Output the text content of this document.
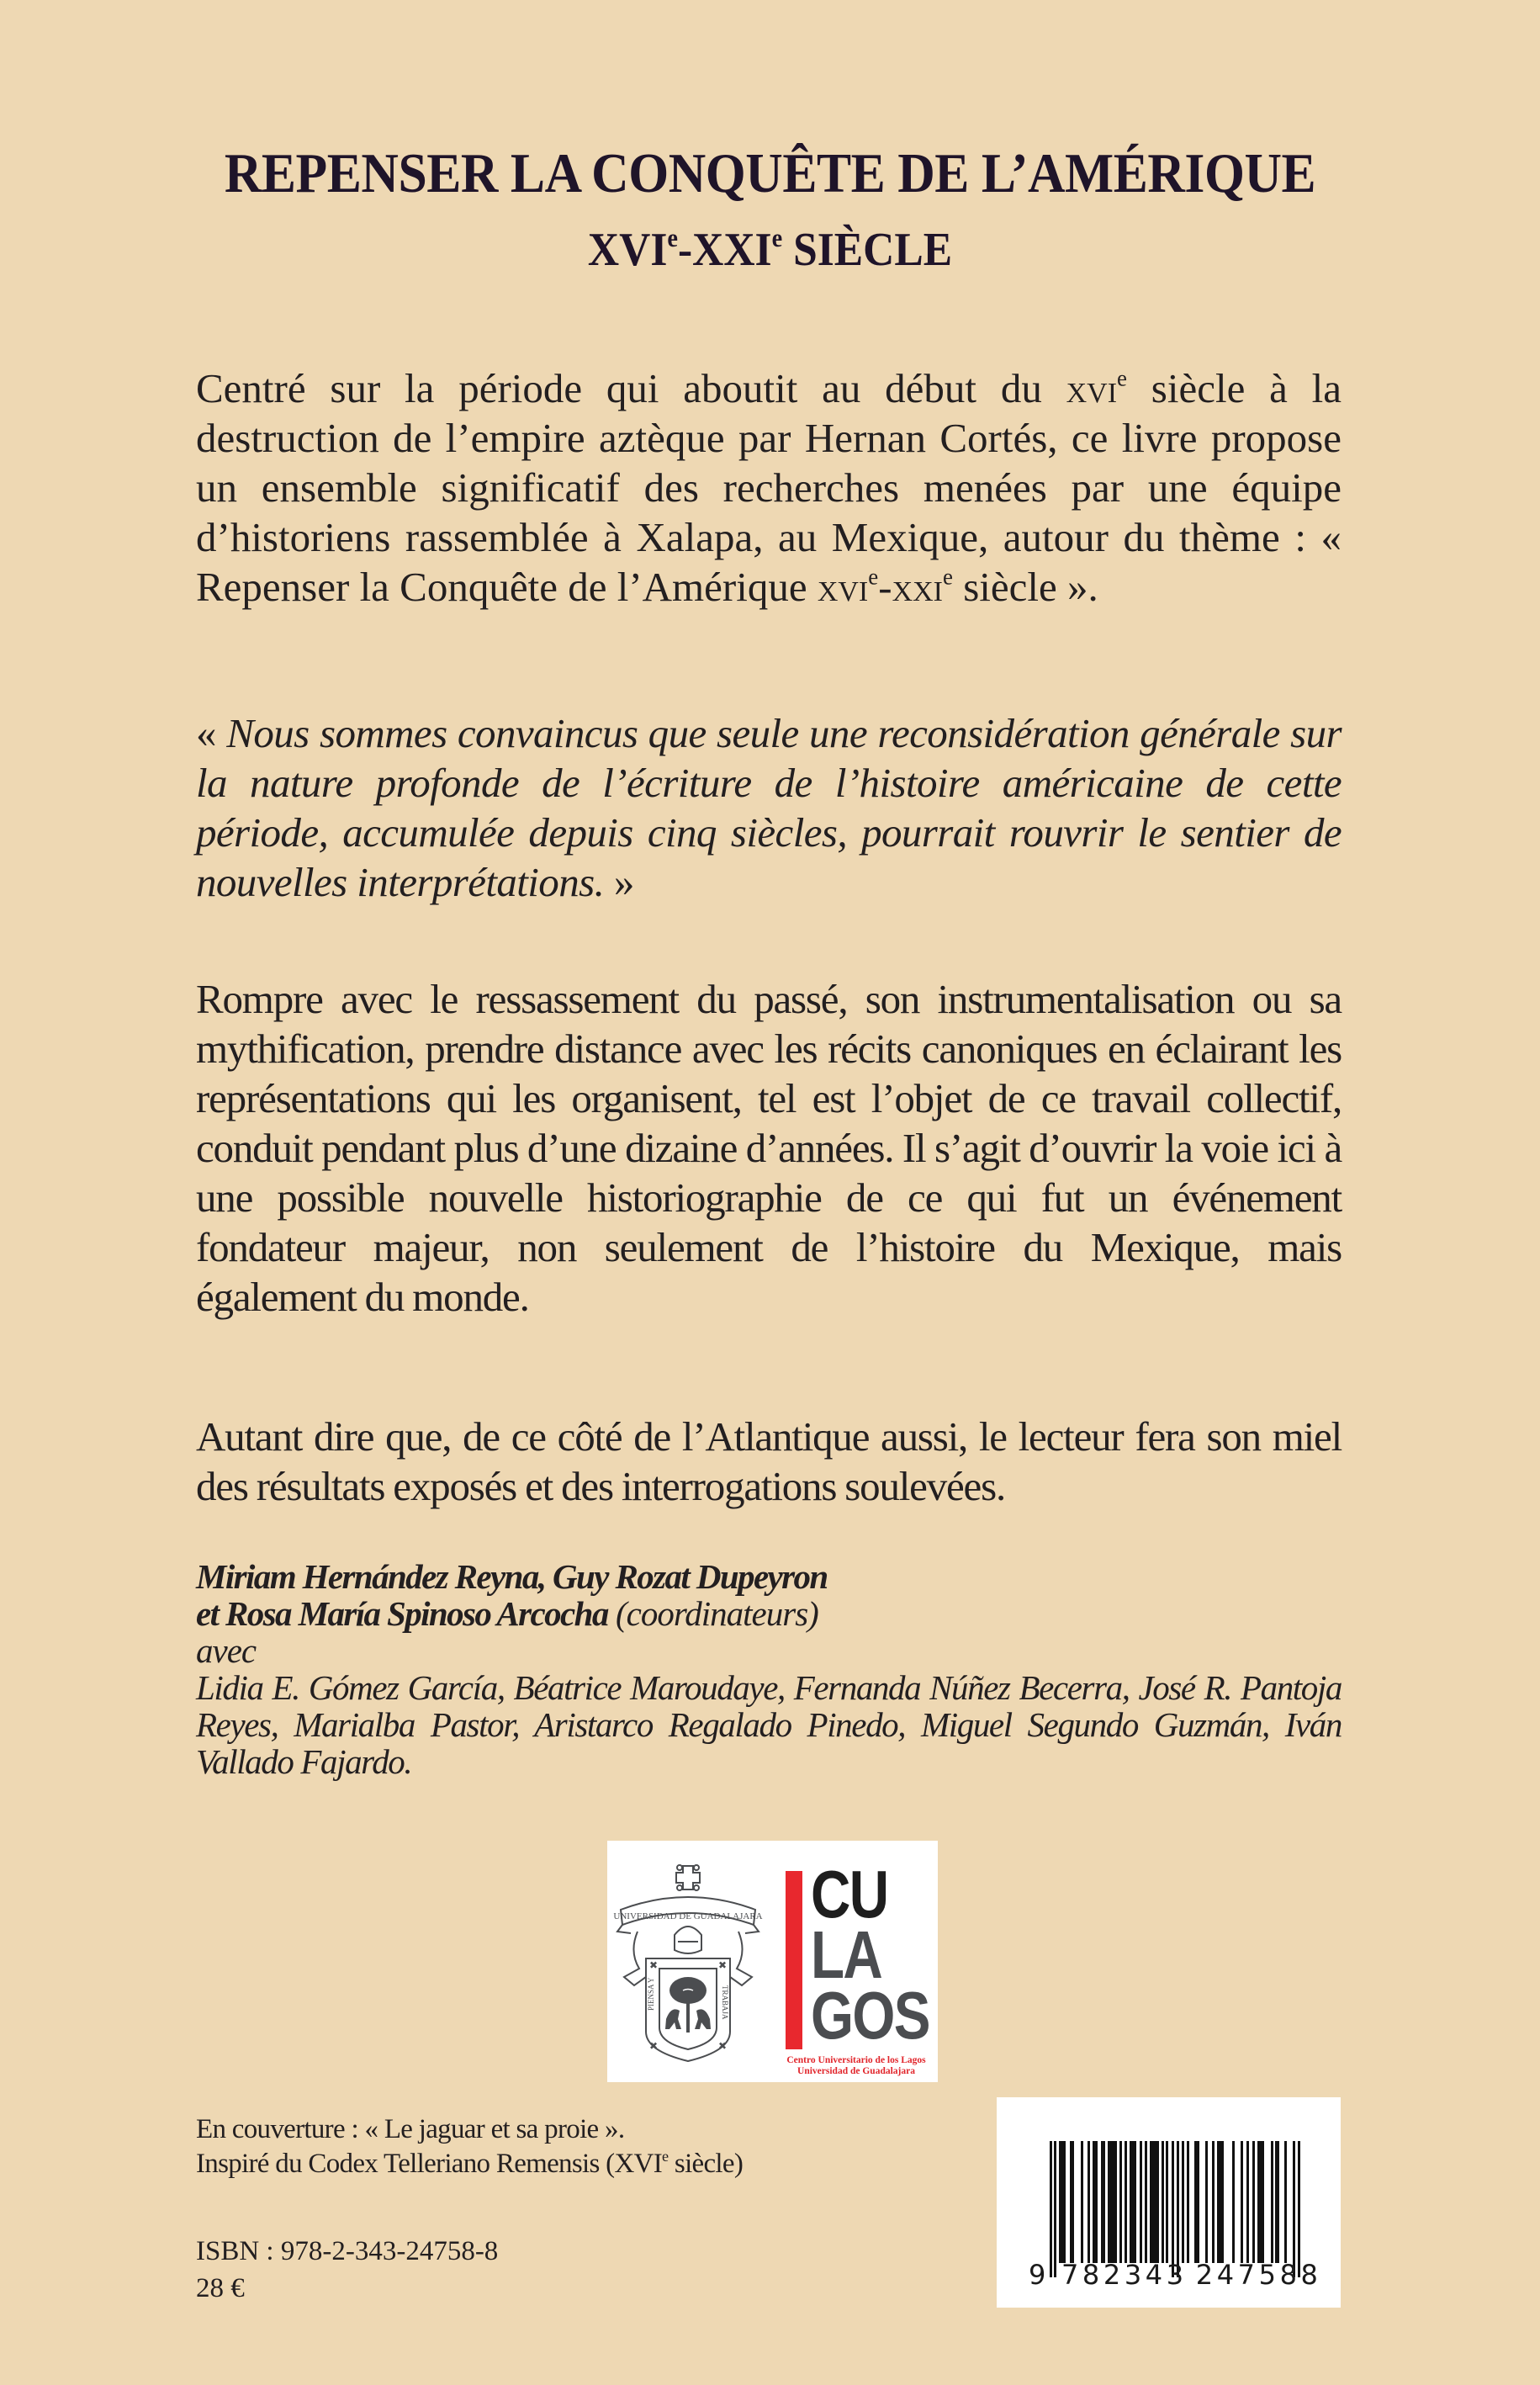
REPENSER LA CONQUÊTE DE L’AMÉRIQUE
XVIe-XXIe SIÈCLE

Centré sur la période qui aboutit au début du xvi$^e$ siècle à la destruction de l’empire aztèque par Hernan Cortés, ce livre propose un ensemble significatif des recherches menées par une équipe d’historiens rassemblée à Xalapa, au Mexique, autour du thème : « Repenser la Conquête de l’Amérique xvi$^e$-xxi$^e$ siècle ».

« Nous sommes convaincus que seule une reconsidération générale sur la nature profonde de l’écriture de l’histoire américaine de cette période, accumulée depuis cinq siècles, pourrait rouvrir le sentier de nouvelles interprétations. »

Rompre avec le ressassement du passé, son instrumentalisation ou sa mythification, prendre distance avec les récits canoniques en éclairant les représentations qui les organisent, tel est l’objet de ce travail collectif, conduit pendant plus d’une dizaine d’années. Il s’agit d’ouvrir la voie ici à une possible nouvelle historiographie de ce qui fut un événement fondateur majeur, non seulement de l’histoire du Mexique, mais également du monde.

Autant dire que, de ce côté de l’Atlantique aussi, le lecteur fera son miel des résultats exposés et des interrogations soulevées.

Miriam Hernández Reyna, Guy Rozat Dupeyron
et Rosa María Spinoso Arcocha (coordinateurs)
avec
Lidia E. Gómez García, Béatrice Maroudaye, Fernanda Núñez Becerra, José R. Pantoja Reyes, Marialba Pastor, Aristarco Regalado Pinedo, Miguel Segundo Guzmán, Iván Vallado Fajardo.
UNIVERSIDAD DE GUADALAJARA
PIENSA Y	TRABAJA
✖	✖
✖	✖
CU
LA
GOS
Centro Universitario de los Lagos
Universidad de Guadalajara
En couverture : « Le jaguar et sa proie ».
Inspiré du Codex Telleriano Remensis (XVIe siècle)
ISBN : 978-2-343-24758-8
28 €	9 782343 247588
